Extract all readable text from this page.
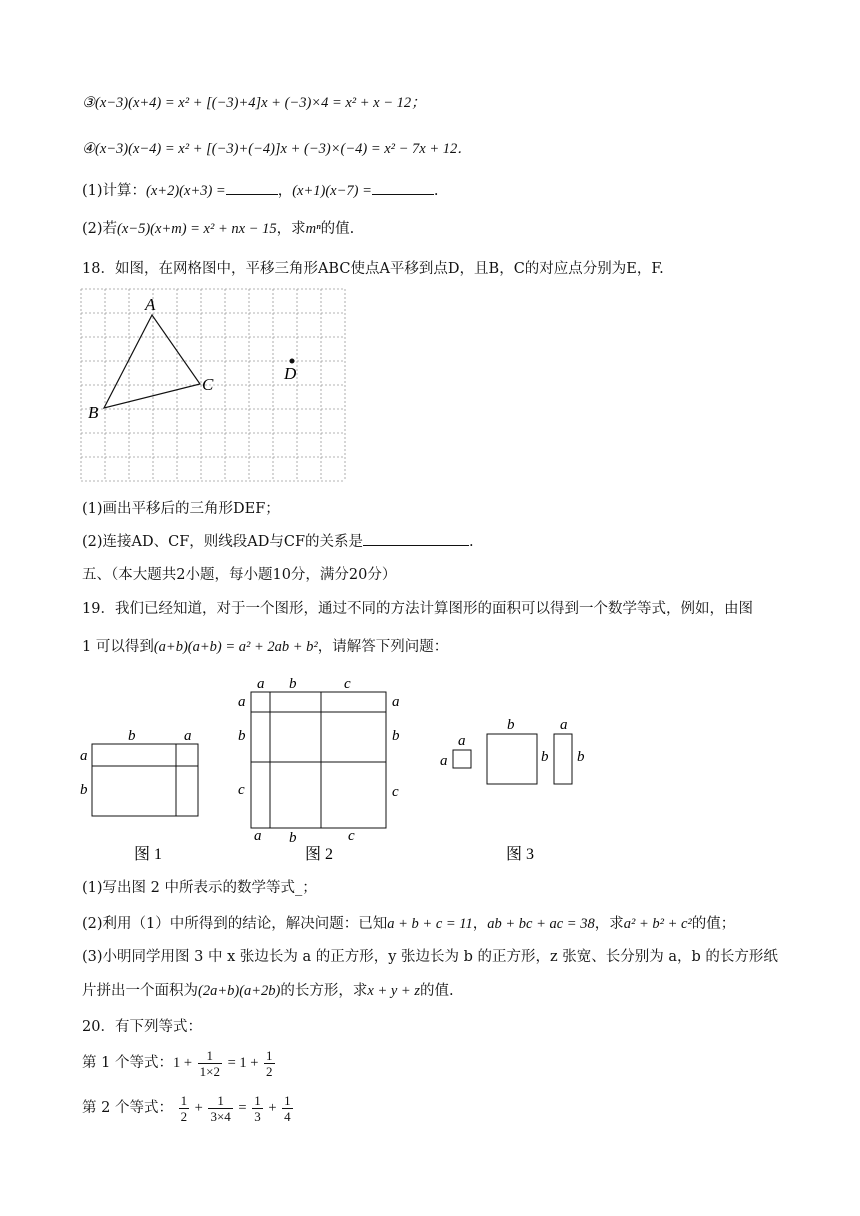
③(x−3)(x+4) = x² + [(−3)+4]x + (−3)×4 = x² + x − 12；
④(x−3)(x−4) = x² + [(−3)+(−4)]x + (−3)×(−4) = x² − 7x + 12．
(1)计算：(x+2)(x+3) =	，(x+1)(x−7) =	.
(2)若(x−5)(x+m) = x² + nx − 15，求mⁿ的值.
18．如图，在网格图中，平移三角形ABC使点A平移到点D，且B，C的对应点分别为E，F.
A
B
C
D
(1)画出平移后的三角形DEF；
(2)连接AD、CF，则线段AD与CF的关系是	.
五、（本大题共2小题，每小题10分，满分20分）
19．我们已经知道，对于一个图形，通过不同的方法计算图形的面积可以得到一个数学等式，例如，由图
1 可以得到(a+b)(a+b) = a² + 2ab + b²，请解答下列问题：
b	a
a
b
图 1
a b	c
a
b
c
a
b
c
a b	c
图 2
a
a
b
b
a
b
图 3
(1)写出图 2 中所表示的数学等式_；
(2)利用（1）中所得到的结论，解决问题：已知a + b + c = 11，ab + bc + ac = 38，求a² + b² + c²的值；
(3)小明同学用图 3 中 x 张边长为 a 的正方形，y 张边长为 b 的正方形，z 张宽、长分别为 a，b 的长方形纸
片拼出一个面积为(2a+b)(a+2b)的长方形，求x + y + z的值.
20．有下列等式：
第 1 个等式：$1 + \frac{1}{1\times 2} = 1 + \frac{1}{2}$
第 2 个等式： $\frac{1}{2} + \frac{1}{3\times 4} = \frac{1}{3} + \frac{1}{4}$
